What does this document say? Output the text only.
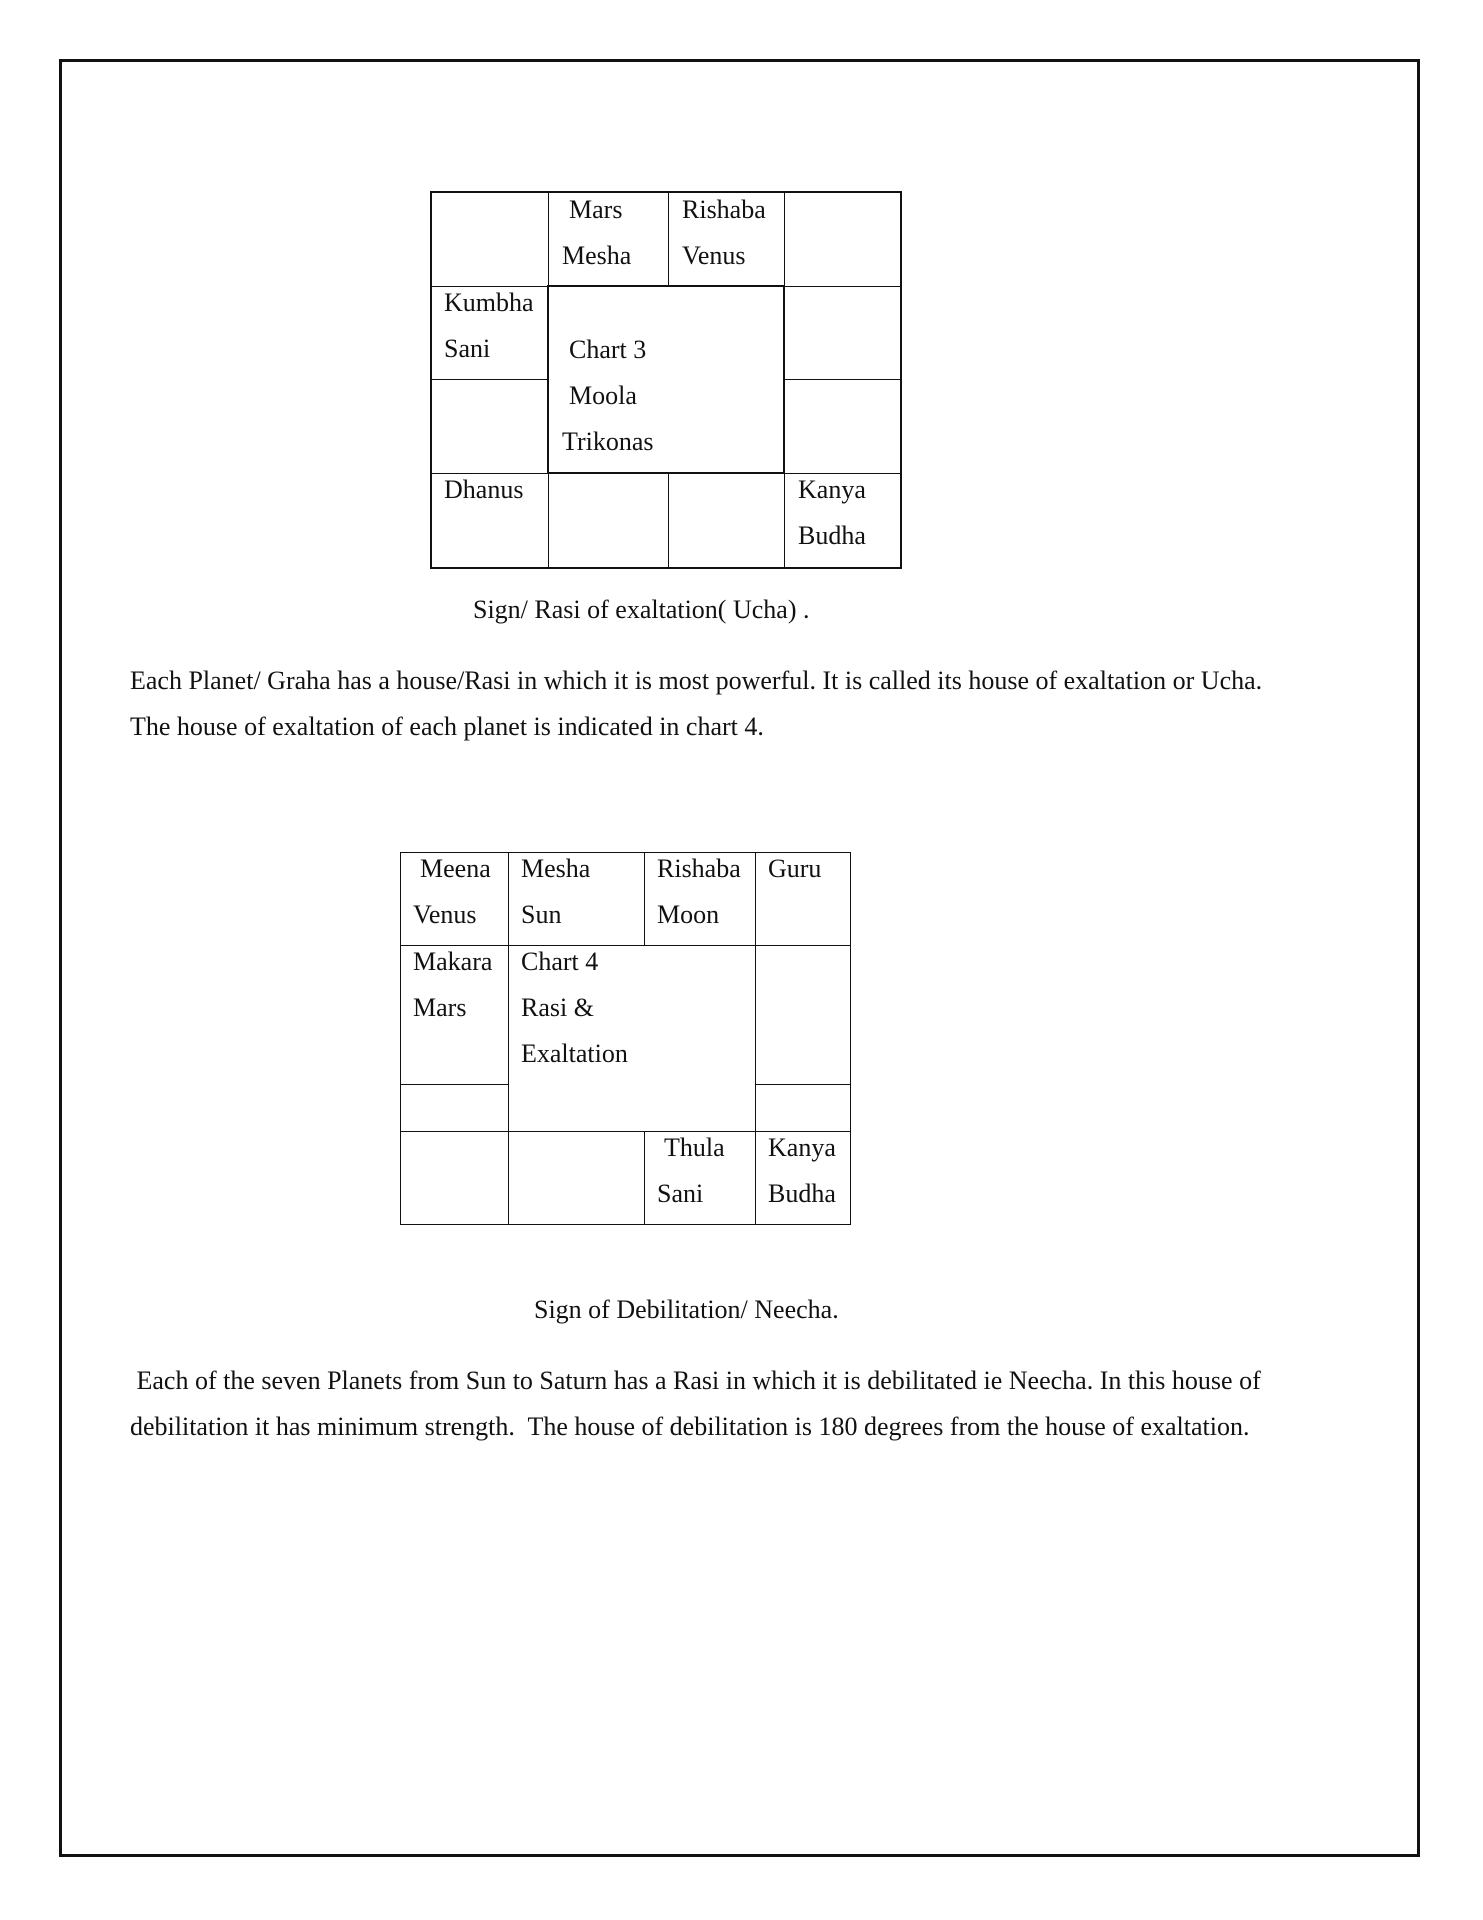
Mars
Mesha
Rishaba
Venus
Kumbha
Sani	Chart 3
Moola
Trikonas
Dhanus	Kanya
Budha
Sign/ Rasi of exaltation( Ucha) .

Each Planet/ Graha has a house/Rasi in which it is most powerful. It is called its house of exaltation or Ucha.

The house of exaltation of each planet is indicated in chart 4.

Meena
Venus
Mesha
Sun
Rishaba
Moon
Guru
Makara
Mars
Chart 4
Rasi &
Exaltation
Thula
Sani
Kanya
Budha
Sign of Debilitation/ Neecha.

Each of the seven Planets from Sun to Saturn has a Rasi in which it is debilitated ie Neecha. In this house of

debilitation it has minimum strength.  The house of debilitation is 180 degrees from the house of exaltation.
